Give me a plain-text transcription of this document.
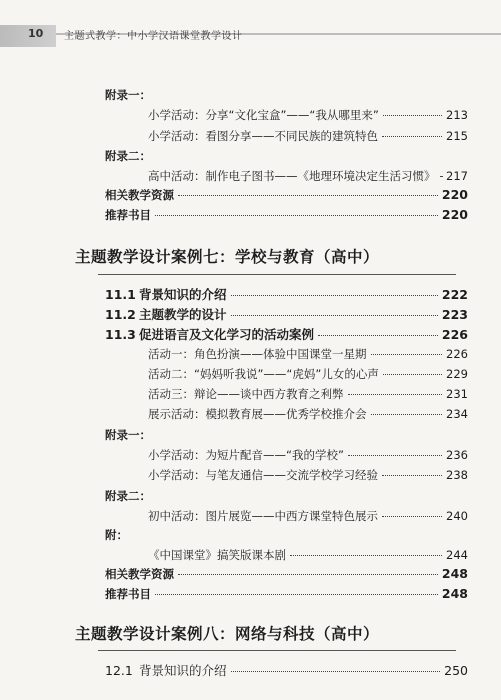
10 主题式教学：中小学汉语课堂教学设计
附录一：
小学活动：分享“文化宝盒”——“我从哪里来”	213
小学活动：看图分享——不同民族的建筑特色	215
附录二：
高中活动：制作电子图书——《地理环境决定生活习惯》 217
相关教学资源	220
推荐书目	220
主题教学设计案例七：学校与教育（高中）
11.1 背景知识的介绍	222
11.2 主题教学的设计	223
11.3 促进语言及文化学习的活动案例	226
活动一：角色扮演——体验中国课堂一星期	226
活动二：“妈妈听我说”——“虎妈”儿女的心声	229
活动三：辩论——谈中西方教育之利弊	231
展示活动：模拟教育展——优秀学校推介会	234
附录一：
小学活动：为短片配音——“我的学校”	236
小学活动：与笔友通信——交流学校学习经验	238
附录二：
初中活动：图片展览——中西方课堂特色展示	240
附：
《中国课堂》搞笑版课本剧	244
相关教学资源	248
推荐书目	248
主题教学设计案例八：网络与科技（高中）
12.1 背景知识的介绍	250
